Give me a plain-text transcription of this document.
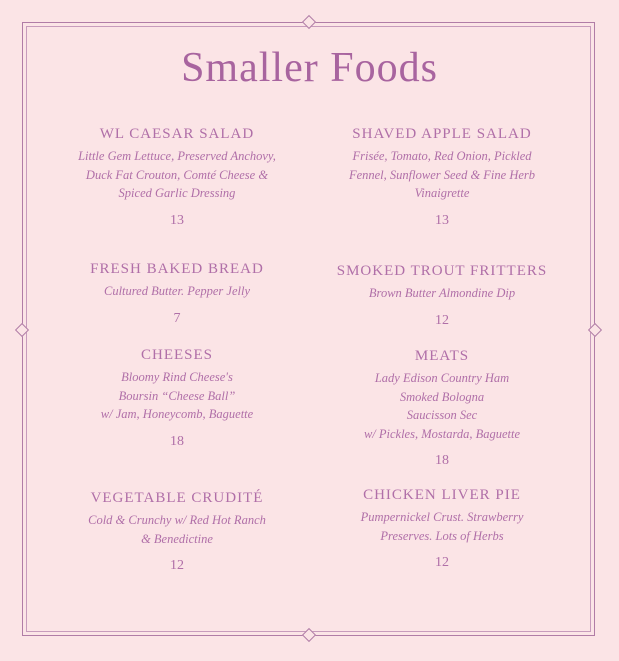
Smaller Foods
WL CAESAR SALAD
Little Gem Lettuce, Preserved Anchovy,
Duck Fat Crouton, Comté Cheese &
Spiced Garlic Dressing
13
FRESH BAKED BREAD
Cultured Butter. Pepper Jelly
7
CHEESES
Bloomy Rind Cheese's
Boursin “Cheese Ball”
w/ Jam, Honeycomb, Baguette
18
VEGETABLE CRUDITÉ
Cold & Crunchy w/ Red Hot Ranch
& Benedictine
12
SHAVED APPLE SALAD
Frisée, Tomato, Red Onion, Pickled
Fennel, Sunflower Seed & Fine Herb
Vinaigrette
13
SMOKED TROUT FRITTERS
Brown Butter Almondine Dip
12
MEATS
Lady Edison Country Ham
Smoked Bologna
Saucisson Sec
w/ Pickles, Mostarda, Baguette
18
CHICKEN LIVER PIE
Pumpernickel Crust. Strawberry
Preserves. Lots of Herbs
12
